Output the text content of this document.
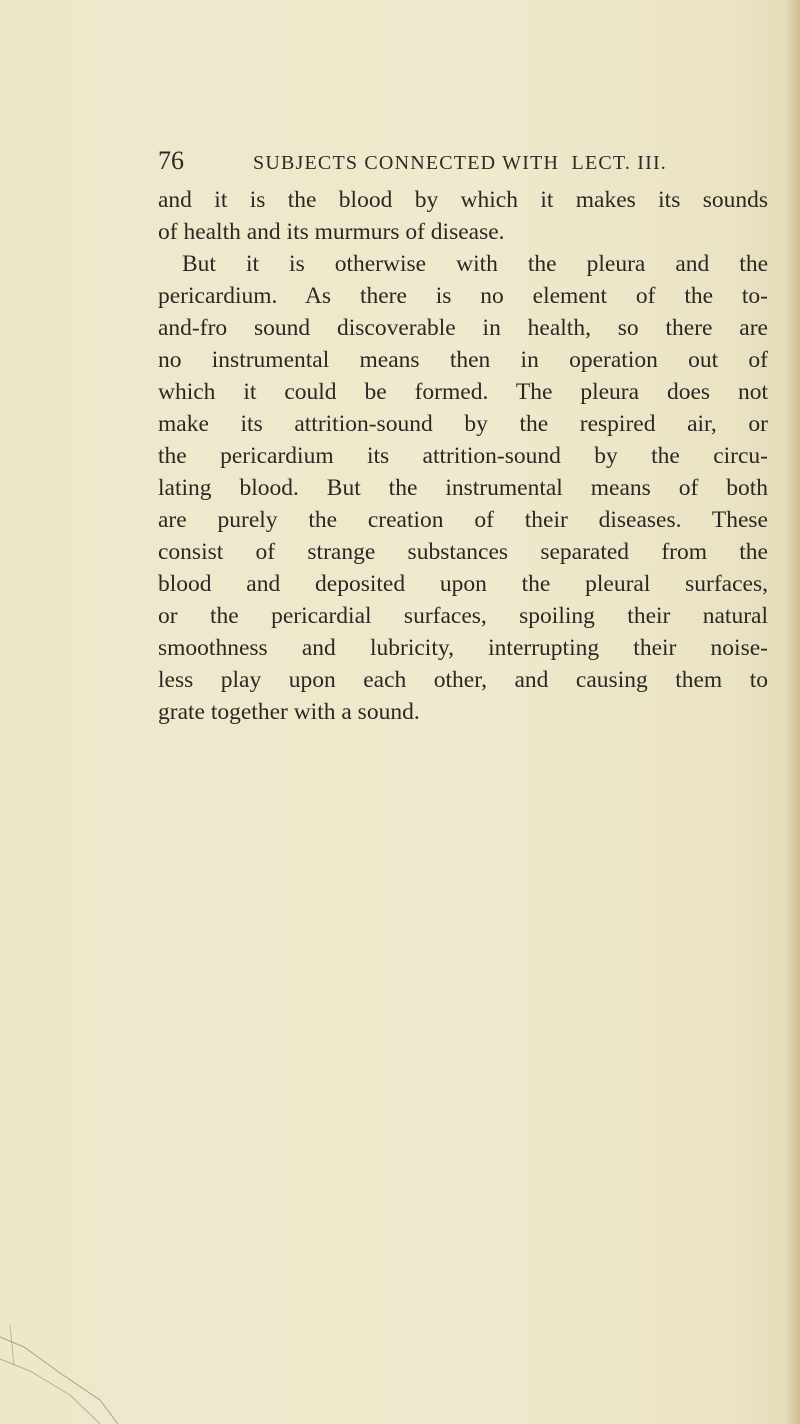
76	SUBJECTS CONNECTED WITH  LECT. III.
and it is the blood by which it makes its sounds
of health and its murmurs of disease.
But it is otherwise with the pleura and the
pericardium. As there is no element of the to-
and-fro sound discoverable in health, so there are
no instrumental means then in operation out of
which it could be formed. The pleura does not
make its attrition-sound by the respired air, or
the pericardium its attrition-sound by the circu-
lating blood. But the instrumental means of both
are purely the creation of their diseases. These
consist of strange substances separated from the
blood and deposited upon the pleural surfaces,
or the pericardial surfaces, spoiling their natural
smoothness and lubricity, interrupting their noise-
less play upon each other, and causing them to
grate together with a sound.
